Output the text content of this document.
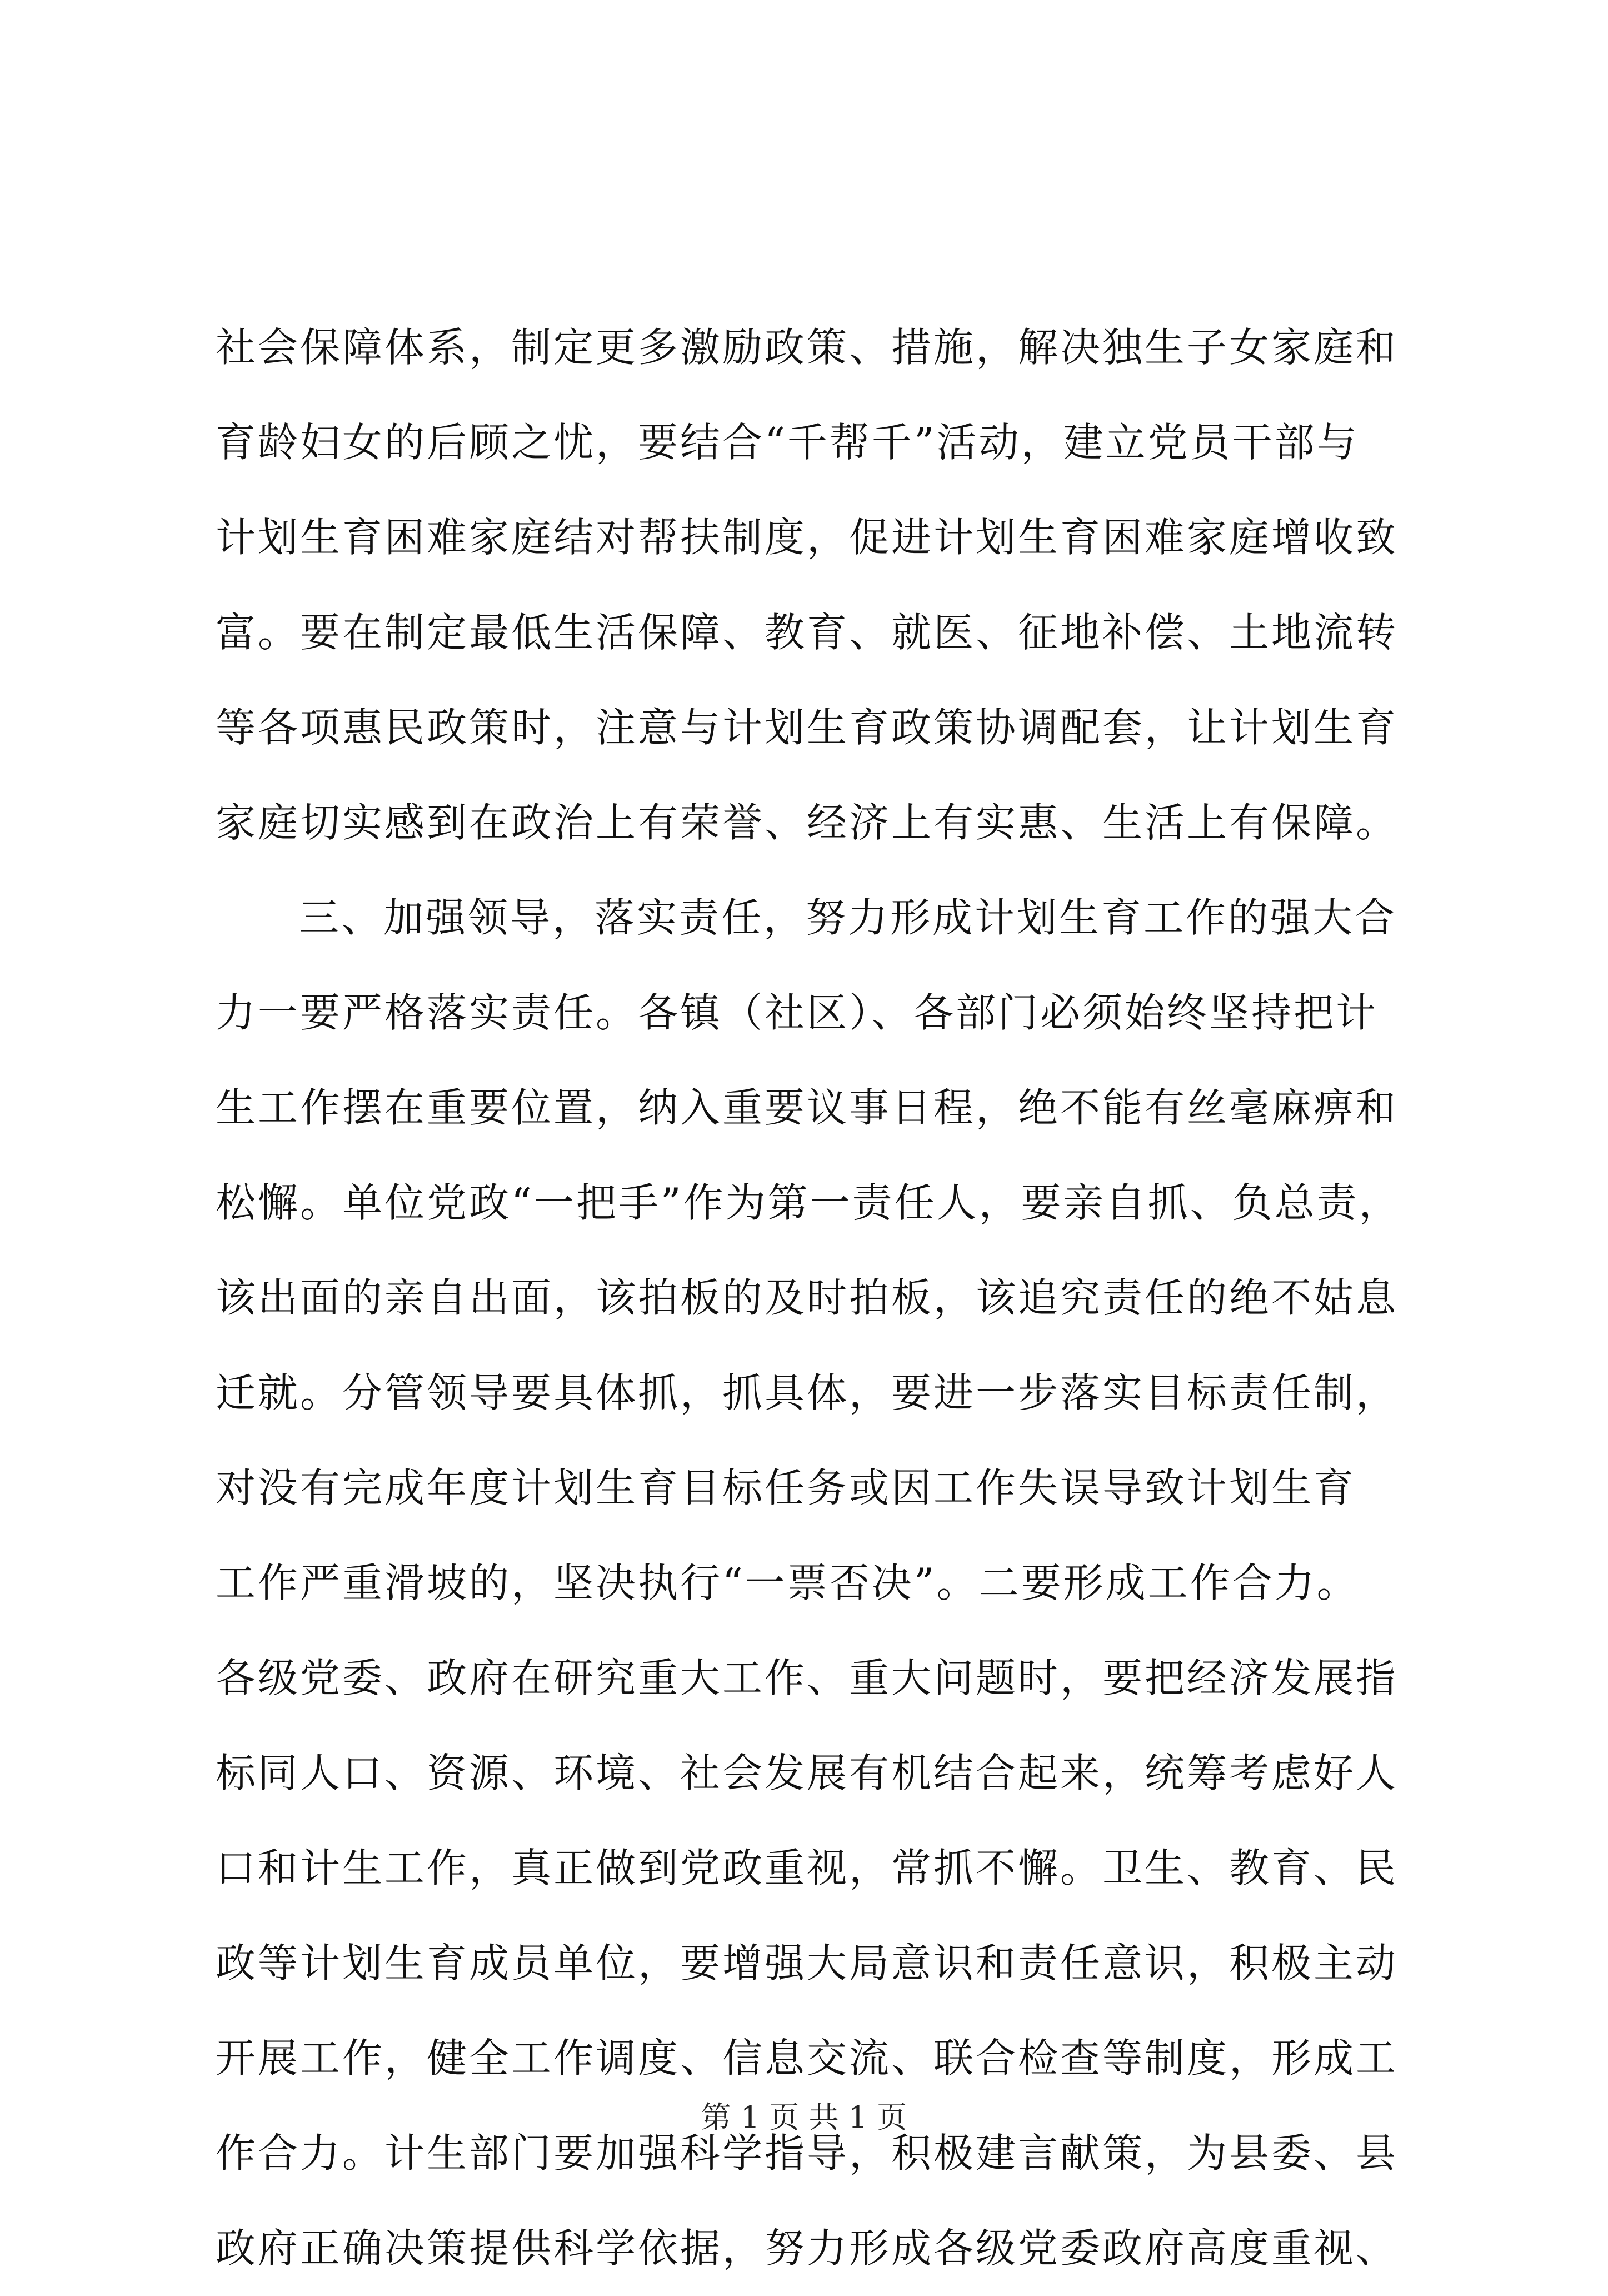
社会保障体系，制定更多激励政策、措施，解决独生子女家庭和
育龄妇女的后顾之忧，要结合“千帮千”活动，建立党员干部与
计划生育困难家庭结对帮扶制度，促进计划生育困难家庭增收致
富。要在制定最低生活保障、教育、就医、征地补偿、土地流转
等各项惠民政策时，注意与计划生育政策协调配套，让计划生育
家庭切实感到在政治上有荣誉、经济上有实惠、生活上有保障。
三、加强领导，落实责任，努力形成计划生育工作的强大合
力一要严格落实责任。各镇（社区）、各部门必须始终坚持把计
生工作摆在重要位置，纳入重要议事日程，绝不能有丝毫麻痹和
松懈。单位党政“一把手”作为第一责任人，要亲自抓、负总责，
该出面的亲自出面，该拍板的及时拍板，该追究责任的绝不姑息
迁就。分管领导要具体抓，抓具体，要进一步落实目标责任制，
对没有完成年度计划生育目标任务或因工作失误导致计划生育
工作严重滑坡的，坚决执行“一票否决”。二要形成工作合力。
各级党委、政府在研究重大工作、重大问题时，要把经济发展指
标同人口、资源、环境、社会发展有机结合起来，统筹考虑好人
口和计生工作，真正做到党政重视，常抓不懈。卫生、教育、民
政等计划生育成员单位，要增强大局意识和责任意识，积极主动
开展工作，健全工作调度、信息交流、联合检查等制度，形成工
作合力。计生部门要加强科学指导，积极建言献策，为县委、县
政府正确决策提供科学依据，努力形成各级党委政府高度重视、
第 1 页 共 1 页
